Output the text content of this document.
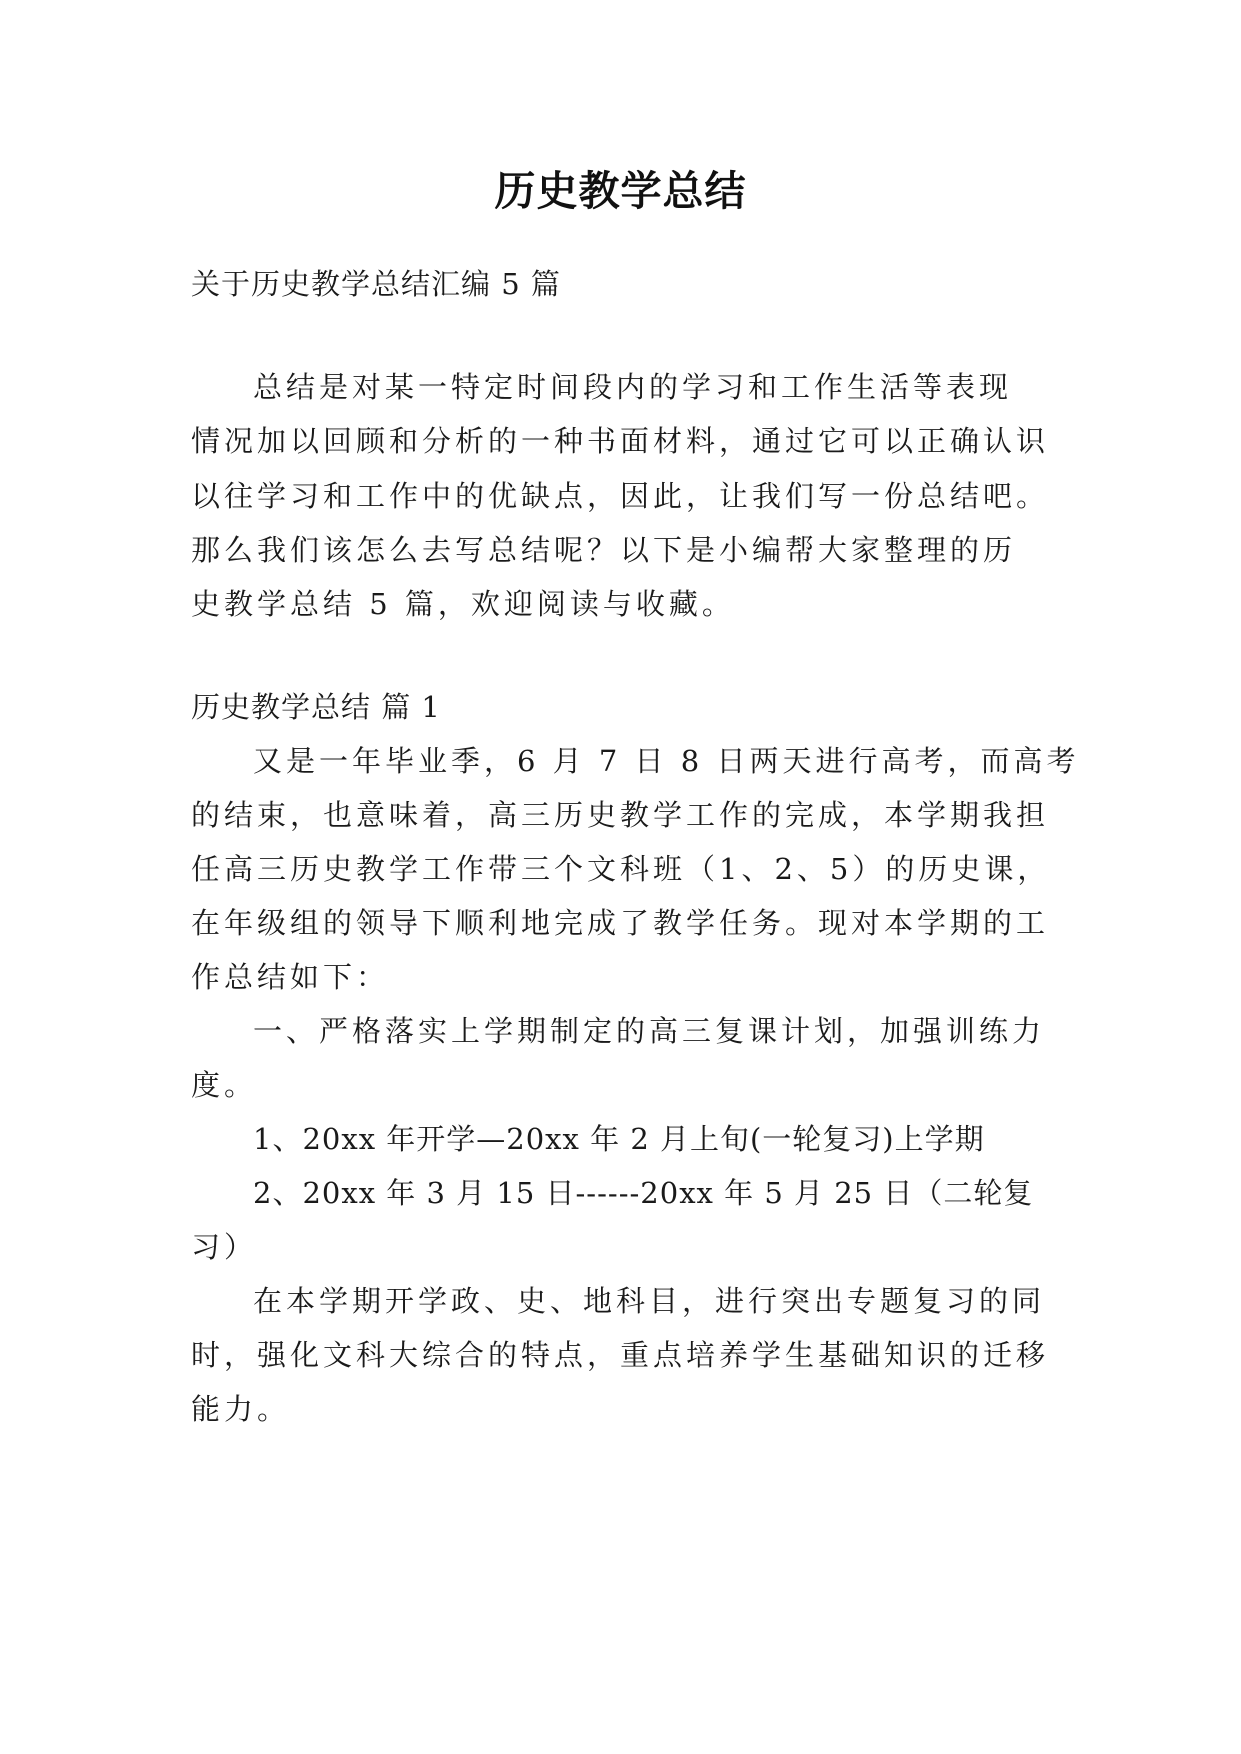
历史教学总结
关于历史教学总结汇编 5 篇
总结是对某一特定时间段内的学习和工作生活等表现
情况加以回顾和分析的一种书面材料，通过它可以正确认识
以往学习和工作中的优缺点，因此，让我们写一份总结吧。
那么我们该怎么去写总结呢？以下是小编帮大家整理的历
史教学总结 5 篇，欢迎阅读与收藏。
历史教学总结 篇 1
又是一年毕业季，6 月 7 日 8 日两天进行高考，而高考
的结束，也意味着，高三历史教学工作的完成，本学期我担
任高三历史教学工作带三个文科班（1、2、5）的历史课，
在年级组的领导下顺利地完成了教学任务。现对本学期的工
作总结如下：
一、严格落实上学期制定的高三复课计划，加强训练力
度。
1、20xx 年开学—20xx 年 2 月上旬(一轮复习)上学期
2、20xx 年 3 月 15 日------20xx 年 5 月 25 日（二轮复
习）
在本学期开学政、史、地科目，进行突出专题复习的同
时，强化文科大综合的特点，重点培养学生基础知识的迁移
能力。
